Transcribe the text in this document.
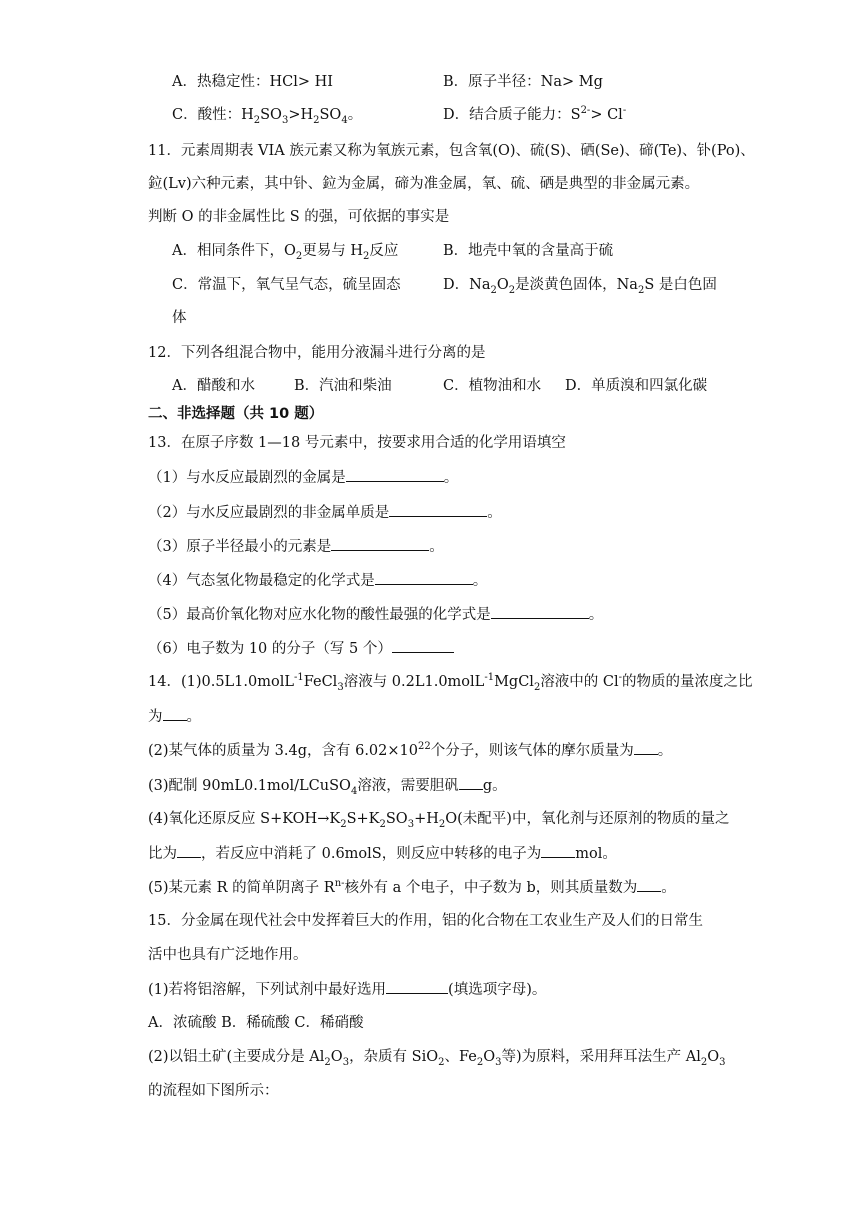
A．热稳定性：HCl> HI	B．原子半径：Na> Mg
C．酸性：$H_2SO_3>H_2SO_4$。	D．结合质子能力：$S^{2-}> Cl^-$
11．元素周期表 VIA 族元素又称为氧族元素，包含氧(O)、硫(S)、硒(Se)、碲(Te)、钋(Po)、
鉝(Lv)六种元素，其中钋、鉝为金属，碲为准金属，氧、硫、硒是典型的非金属元素。
判断 O 的非金属性比 S 的强，可依据的事实是
A．相同条件下，$O_2$更易与 $H_2$反应	B．地壳中氧的含量高于硫
C．常温下，氧气呈气态，硫呈固态	D．$Na_2O_2$是淡黄色固体，$Na_2S$ 是白色固
体
12．下列各组混合物中，能用分液漏斗进行分离的是
A．醋酸和水	B．汽油和柴油	C．植物油和水 D．单质溴和四氯化碳
二、非选择题（共 10 题）
13．在原子序数 1—18 号元素中，按要求用合适的化学用语填空
（1）与水反应最剧烈的金属是	。
（2）与水反应最剧烈的非金属单质是	。
（3）原子半径最小的元素是	。
（4）气态氢化物最稳定的化学式是	。
（5）最高价氧化物对应水化物的酸性最强的化学式是	。
（6）电子数为 10 的分子（写 5 个）
14．(1)0.5L1.0molL$^{-1}$FeCl$_3$溶液与 0.2L1.0molL$^{-1}$MgCl$_2$溶液中的 Cl-的物质的量浓度之比
为 。
(2)某气体的质量为 3.4g，含有 $6.02\times 10^{22}$个分子，则该气体的摩尔质量为 。
(3)配制 90mL0.1mol/LCuSO$_4$溶液，需要胆矾 g。
(4)氧化还原反应 $S+KOH\to K_2S+K_2SO_3+H_2O$(未配平)中，氧化剂与还原剂的物质的量之
比为 ，若反应中消耗了 0.6molS，则反应中转移的电子为 mol。
(5)某元素 R 的简单阴离子 $R^{n-}$核外有 a 个电子，中子数为 b，则其质量数为 。
15．分金属在现代社会中发挥着巨大的作用，铝的化合物在工农业生产及人们的日常生
活中也具有广泛地作用。
(1)若将铝溶解，下列试剂中最好选用	(填选项字母)。
A．浓硫酸 B．稀硫酸 C．稀硝酸
(2)以铝土矿(主要成分是 $Al_2O_3$，杂质有 SiO$_2$、$Fe_2O_3$等)为原料，采用拜耳法生产 $Al_2O_3$
的流程如下图所示：
